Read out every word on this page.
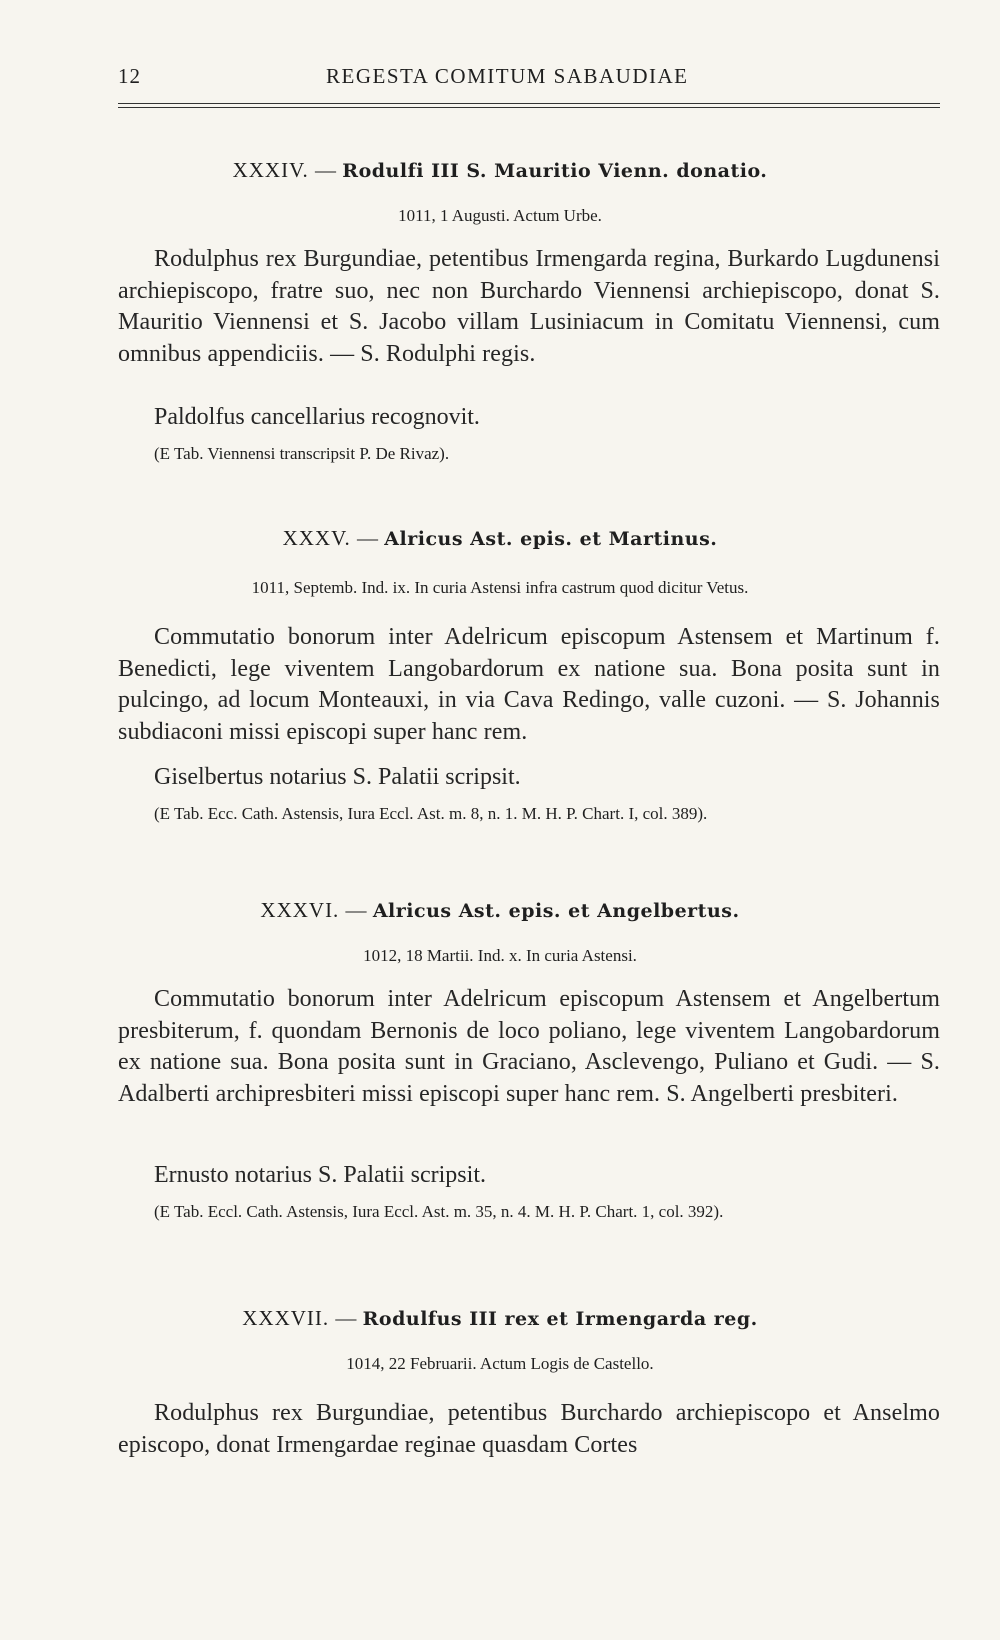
12	REGESTA COMITUM SABAUDIAE
XXXIV. — Rodulfi III S. Mauritio Vienn. donatio.
1011, 1 Augusti. Actum Urbe.

Rodulphus rex Burgundiae, petentibus Irmengarda regina, Burkardo Lugdunensi archiepiscopo, fratre suo, nec non Burchardo Viennensi archiepiscopo, donat S. Mauritio Viennensi et S. Jacobo villam Lusiniacum in Comitatu Viennensi, cum omnibus appendiciis. — S. Rodulphi regis.

Paldolfus cancellarius recognovit.

(E Tab. Viennensi transcripsit P. De Rivaz).

XXXV. — Alricus Ast. epis. et Martinus.
1011, Septemb. Ind. ix. In curia Astensi infra castrum quod dicitur Vetus.

Commutatio bonorum inter Adelricum episcopum Astensem et Martinum f. Benedicti, lege viventem Langobardorum ex natione sua. Bona posita sunt in pulcingo, ad locum Monteauxi, in via Cava Redingo, valle cuzoni. — S. Johannis subdiaconi missi episcopi super hanc rem.

Giselbertus notarius S. Palatii scripsit.

(E Tab. Ecc. Cath. Astensis, Iura Eccl. Ast. m. 8, n. 1. M. H. P. Chart. I, col. 389).

XXXVI. — Alricus Ast. epis. et Angelbertus.
1012, 18 Martii. Ind. x. In curia Astensi.

Commutatio bonorum inter Adelricum episcopum Astensem et Angelbertum presbiterum, f. quondam Bernonis de loco poliano, lege viventem Langobardorum ex natione sua. Bona posita sunt in Graciano, Asclevengo, Puliano et Gudi. — S. Adalberti archipresbiteri missi episcopi super hanc rem. S. Angelberti presbiteri.

Ernusto notarius S. Palatii scripsit.

(E Tab. Eccl. Cath. Astensis, Iura Eccl. Ast. m. 35, n. 4. M. H. P. Chart. 1, col. 392).

XXXVII. — Rodulfus III rex et Irmengarda reg.
1014, 22 Februarii. Actum Logis de Castello.

Rodulphus rex Burgundiae, petentibus Burchardo archiepiscopo et Anselmo episcopo, donat Irmengardae reginae quasdam Cortes
